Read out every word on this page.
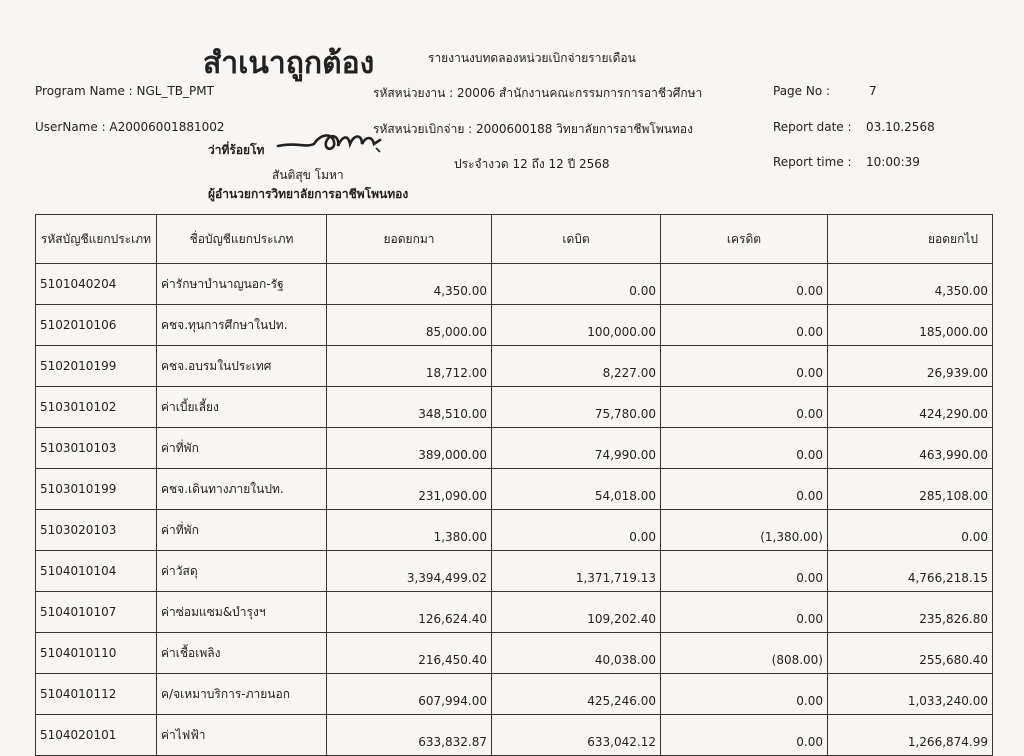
สำเนาถูกต้อง	รายงานงบทดลองหน่วยเบิกจ่ายรายเดือน
Program Name : NGL_TB_PMT	รหัสหน่วยงาน : 20006 สำนักงานคณะกรรมการการอาชีวศึกษา	Page No :	7
UserName : A20006001881002	รหัสหน่วยเบิกจ่าย : 2000600188 วิทยาลัยการอาชีพโพนทอง	Report date : 03.10.2568
ประจำงวด 12 ถึง 12 ปี 2568	Report time : 10:00:39
ว่าที่ร้อยโท
สันติสุข โมหา
ผู้อำนวยการวิทยาลัยการอาชีพโพนทอง
รหัสบัญชีแยกประเภท	ชื่อบัญชีแยกประเภท	ยอดยกมา	เดบิต	เครดิต	ยอดยกไป
5101040204	ค่ารักษาบำนาญนอก-รัฐ	4,350.00	0.00	0.00	4,350.00
5102010106	คชจ.ทุนการศึกษาในปท.	85,000.00	100,000.00	0.00	185,000.00
5102010199	คชจ.อบรมในประเทศ	18,712.00	8,227.00	0.00	26,939.00
5103010102	ค่าเบี้ยเลี้ยง	348,510.00	75,780.00	0.00	424,290.00
5103010103	ค่าที่พัก	389,000.00	74,990.00	0.00	463,990.00
5103010199	คชจ.เดินทางภายในปท.	231,090.00	54,018.00	0.00	285,108.00
5103020103	ค่าที่พัก	1,380.00	0.00	(1,380.00)	0.00
5104010104	ค่าวัสดุ	3,394,499.02	1,371,719.13	0.00	4,766,218.15
5104010107	ค่าซ่อมแซม&บำรุงฯ	126,624.40	109,202.40	0.00	235,826.80
5104010110	ค่าเชื้อเพลิง	216,450.40	40,038.00	(808.00)	255,680.40
5104010112	ค/จเหมาบริการ-ภายนอก	607,994.00	425,246.00	0.00	1,033,240.00
5104020101	ค่าไฟฟ้า	633,832.87	633,042.12	0.00	1,266,874.99
